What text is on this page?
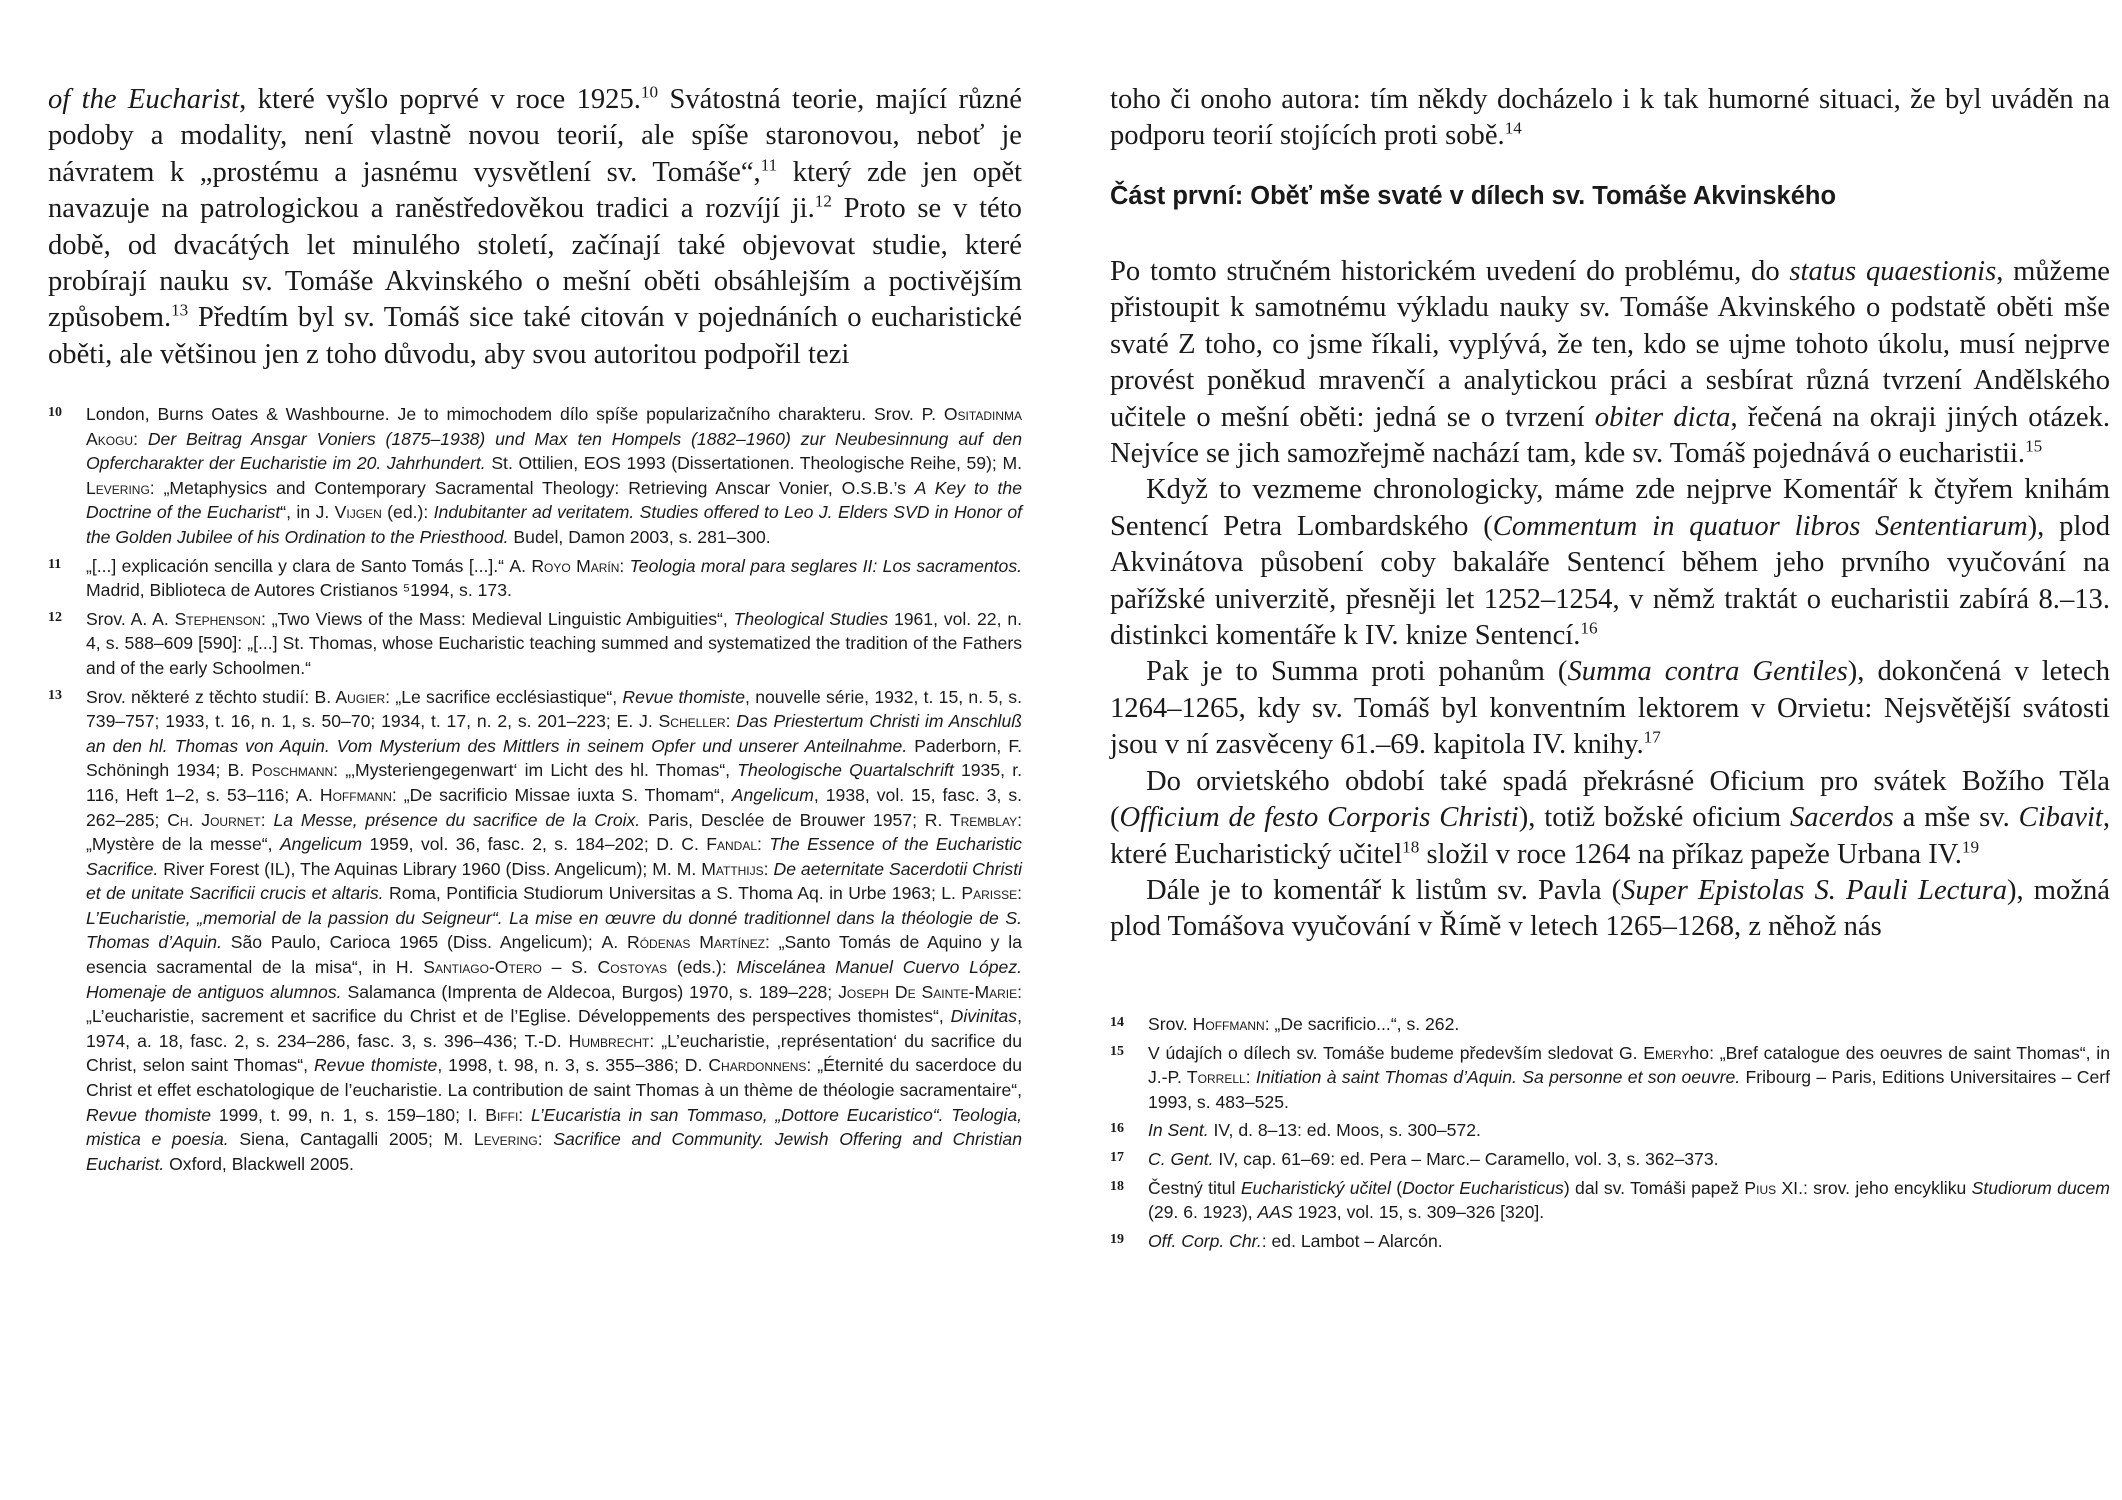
of the Eucharist, které vyšlo poprvé v roce 1925.10 Svátostná teorie, mající různé podoby a modality, není vlastně novou teorií, ale spíše staronovou, neboť je návratem k „prostému a jasnému vysvětlení sv. Tomáše“,$^{11}$ který zde jen opět navazuje na patrologickou a raněstředověkou tradici a rozvíjí ji.$^{12}$ Proto se v této době, od dvacátých let minulého století, začínají také objevovat studie, které probírají nauku sv. Tomáše Akvinského o mešní oběti obsáhlejším a poctivějším způsobem.$^{13}$ Předtím byl sv. Tomáš sice také citován v pojednáních o eucharistické oběti, ale většinou jen z toho důvodu, aby svou autoritou podpořil tezi

10	London, Burns Oates & Washbourne. Je to mimochodem dílo spíše popularizačního charakteru. Srov. P. Ositadinma Akogu: Der Beitrag Ansgar Voniers (1875–1938) und Max ten Hompels (1882–1960) zur Neubesinnung auf den Opfercharakter der Eucharistie im 20. Jahrhundert. St. Ottilien, EOS 1993 (Dissertationen. Theologische Reihe, 59); M. Levering: „Metaphysics and Contemporary Sacramental Theology: Retrieving Anscar Vonier, O.S.B.’s A Key to the Doctrine of the Eucharist“, in J. Vijgen (ed.): Indubitanter ad veritatem. Studies offered to Leo J. Elders SVD in Honor of the Golden Jubilee of his Ordination to the Priesthood. Budel, Damon 2003, s. 281–300.
11	„[...] explicación sencilla y clara de Santo Tomás [...].“ A. Royo Marín: Teologia moral para seglares II: Los sacramentos. Madrid, Biblioteca de Autores Cristianos ⁵1994, s. 173.
12	Srov. A. A. Stephenson: „Two Views of the Mass: Medieval Linguistic Ambiguities“, Theological Studies 1961, vol. 22, n. 4, s. 588–609 [590]: „[...] St. Thomas, whose Eucharistic teaching summed and systematized the tradition of the Fathers and of the early Schoolmen.“
13	Srov. některé z těchto studií: B. Augier: „Le sacrifice ecclésiastique“, Revue thomiste, nouvelle série, 1932, t. 15, n. 5, s. 739–757; 1933, t. 16, n. 1, s. 50–70; 1934, t. 17, n. 2, s. 201–223; E. J. Scheller: Das Priestertum Christi im Anschluß an den hl. Thomas von Aquin. Vom Mysterium des Mittlers in seinem Opfer und unserer Anteilnahme. Paderborn, F. Schöningh 1934; B. Poschmann: „‚Mysteriengegenwart‘ im Licht des hl. Thomas“, Theologische Quartalschrift 1935, r. 116, Heft 1–2, s. 53–116; A. Hoffmann: „De sacrificio Missae iuxta S. Thomam“, Angelicum, 1938, vol. 15, fasc. 3, s. 262–285; Ch. Journet: La Messe, présence du sacrifice de la Croix. Paris, Desclée de Brouwer 1957; R. Tremblay: „Mystère de la messe“, Angelicum 1959, vol. 36, fasc. 2, s. 184–202; D. C. Fandal: The Essence of the Eucharistic Sacrifice. River Forest (IL), The Aquinas Library 1960 (Diss. Angelicum); M. M. Matthijs: De aeternitate Sacerdotii Christi et de unitate Sacrificii crucis et altaris. Roma, Pontificia Studiorum Universitas a S. Thoma Aq. in Urbe 1963; L. Parisse: L’Eucharistie, „memorial de la passion du Seigneur“. La mise en œuvre du donné traditionnel dans la théologie de S. Thomas d’Aquin. São Paulo, Carioca 1965 (Diss. Angelicum); A. Ródenas Martínez: „Santo Tomás de Aquino y la esencia sacramental de la misa“, in H. Santiago-Otero – S. Costoyas (eds.): Miscelánea Manuel Cuervo López. Homenaje de antiguos alumnos. Salamanca (Imprenta de Aldecoa, Burgos) 1970, s. 189–228; Joseph De Sainte-Marie: „L’eucharistie, sacrement et sacrifice du Christ et de l’Eglise. Développements des perspectives thomistes“, Divinitas, 1974, a. 18, fasc. 2, s. 234–286, fasc. 3, s. 396–436; T.-D. Humbrecht: „L’eucharistie, ‚représentation‘ du sacrifice du Christ, selon saint Thomas“, Revue thomiste, 1998, t. 98, n. 3, s. 355–386; D. Chardonnens: „Éternité du sacerdoce du Christ et effet eschatologique de l’eucharistie. La contribution de saint Thomas à un thème de théologie sacramentaire“, Revue thomiste 1999, t. 99, n. 1, s. 159–180; I. Biffi: L’Eucaristia in san Tommaso, „Dottore Eucaristico“. Teologia, mistica e poesia. Siena, Cantagalli 2005; M. Levering: Sacrifice and Community. Jewish Offering and Christian Eucharist. Oxford, Blackwell 2005.

toho či onoho autora: tím někdy docházelo i k tak humorné situaci, že byl uváděn na podporu teorií stojících proti sobě.$^{14}$

Část první: Oběť mše svaté v dílech sv. Tomáše Akvinského

Po tomto stručném historickém uvedení do problému, do status quaestionis, můžeme přistoupit k samotnému výkladu nauky sv. Tomáše Akvinského o podstatě oběti mše svaté Z toho, co jsme říkali, vyplývá, že ten, kdo se ujme tohoto úkolu, musí nejprve provést poněkud mravenčí a analytickou práci a sesbírat různá tvrzení Andělského učitele o mešní oběti: jedná se o tvrzení obiter dicta, řečená na okraji jiných otázek. Nejvíce se jich samozřejmě nachází tam, kde sv. Tomáš pojednává o eucharistii.$^{15}$

Když to vezmeme chronologicky, máme zde nejprve Komentář k čtyřem knihám Sentencí Petra Lombardského (Commentum in quatuor libros Sententiarum), plod Akvinátova působení coby bakaláře Sentencí během jeho prvního vyučování na pařížské univerzitě, přesněji let 1252–1254, v němž traktát o eucharistii zabírá 8.–13. distinkci komentáře k IV. knize Sentencí.$^{16}$

Pak je to Summa proti pohanům (Summa contra Gentiles), dokončená v letech 1264–1265, kdy sv. Tomáš byl konventním lektorem v Orvietu: Nejsvětější svátosti jsou v ní zasvěceny 61.–69. kapitola IV. knihy.$^{17}$

Do orvietského období také spadá překrásné Oficium pro svátek Božího Těla (Officium de festo Corporis Christi), totiž božské oficium Sacerdos a mše sv. Cibavit, které Eucharistický učitel$^{18}$ složil v roce 1264 na příkaz papeže Urbana IV.$^{19}$

Dále je to komentář k listům sv. Pavla (Super Epistolas S. Pauli Lectura), možná plod Tomášova vyučování v Římě v letech 1265–1268, z něhož nás

14	Srov. Hoffmann: „De sacrificio...“, s. 262.
15	V údajích o dílech sv. Tomáše budeme především sledovat G. Emeryho: „Bref catalogue des oeuvres de saint Thomas“, in J.-P. Torrell: Initiation à saint Thomas d’Aquin. Sa personne et son oeuvre. Fribourg – Paris, Editions Universitaires – Cerf 1993, s. 483–525.
16	In Sent. IV, d. 8–13: ed. Moos, s. 300–572.
17	C. Gent. IV, cap. 61–69: ed. Pera – Marc.– Caramello, vol. 3, s. 362–373.
18	Čestný titul Eucharistický učitel (Doctor Eucharisticus) dal sv. Tomáši papež Pius XI.: srov. jeho encykliku Studiorum ducem (29. 6. 1923), AAS 1923, vol. 15, s. 309–326 [320].
19	Off. Corp. Chr.: ed. Lambot – Alarcón.
